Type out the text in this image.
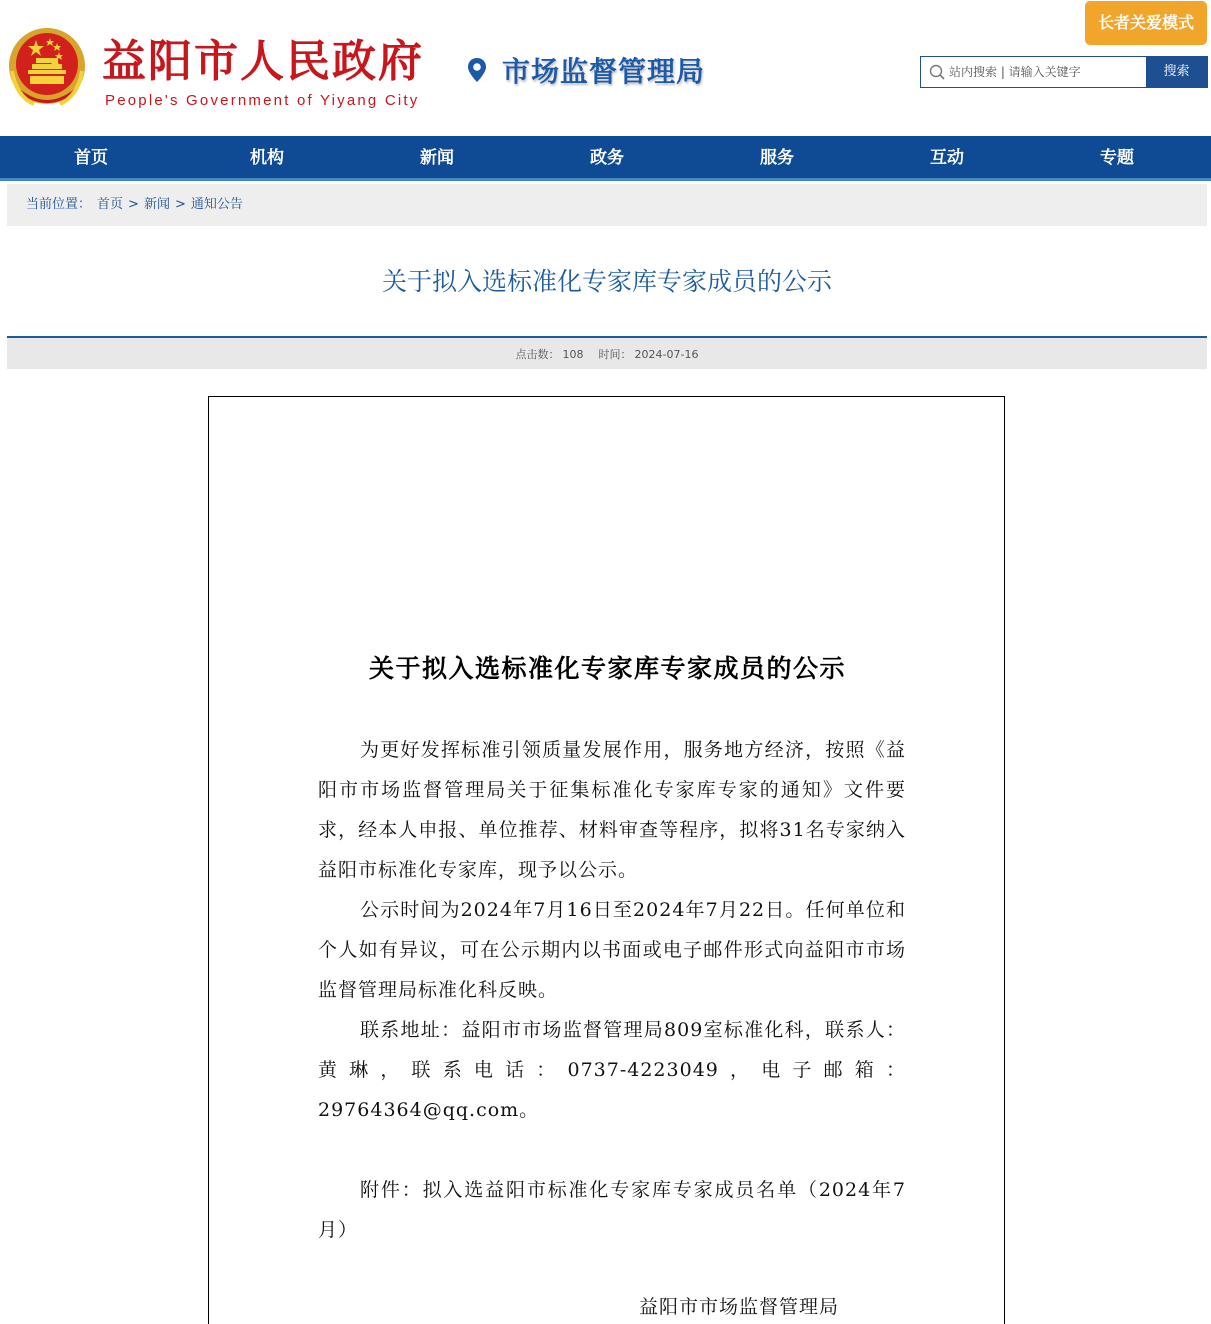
益阳市人民政府
People's Government of Yiyang City
市场监督管理局
长者关爱模式
站内搜索 | 请输入关键字
搜索
首页	机构	新闻	政务	服务	互动	专题
当前位置： 首页 > 新闻 > 通知公告
关于拟入选标准化专家库专家成员的公示
点击数： 108 时间： 2024-07-16
关于拟入选标准化专家库专家成员的公示

为更好发挥标准引领质量发展作用，服务地方经济，按照《益阳市市场监督管理局关于征集标准化专家库专家的通知》文件要求，经本人申报、单位推荐、材料审查等程序，拟将31名专家纳入益阳市标准化专家库，现予以公示。

公示时间为2024年7月16日至2024年7月22日。任何单位和个人如有异议，可在公示期内以书面或电子邮件形式向益阳市市场监督管理局标准化科反映。

联系地址：益阳市市场监督管理局809室标准化科，联系人：黄琳，联系电话：0737-4223049，电子邮箱：29764364@qq.com。

附件：拟入选益阳市标准化专家库专家成员名单（2024年7月）

益阳市市场监督管理局
